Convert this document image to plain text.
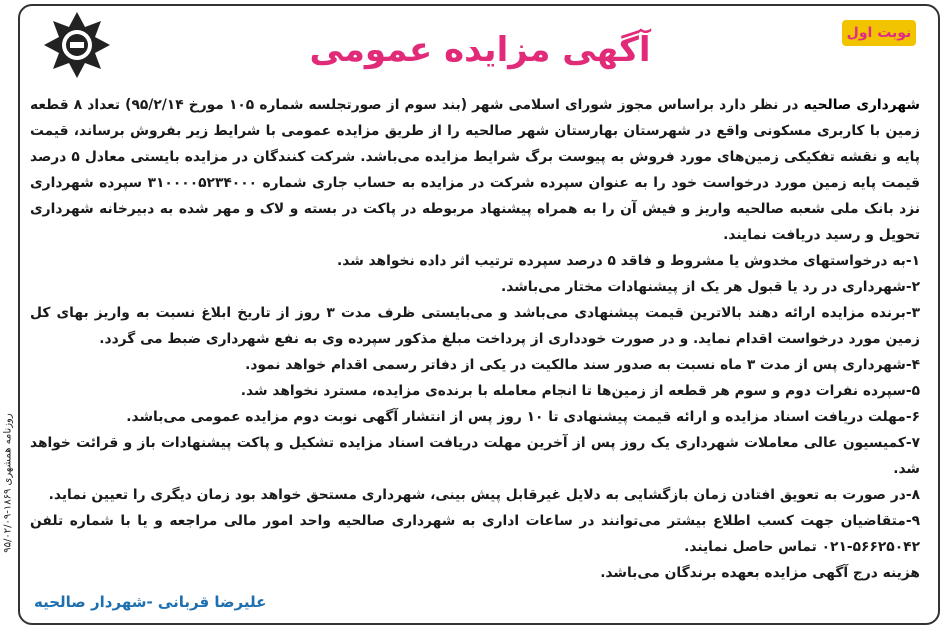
نوبت اول
آگهی مزایده عمومی

شهرداری صالحیه در نظر دارد براساس مجوز شورای اسلامی شهر (بند سوم از صورتجلسه شماره ۱۰۵ مورخ ۹۵/۲/۱۴) تعداد ۸ قطعه زمین با کاربری مسکونی واقع در شهرستان بهارستان شهر صالحیه را از طریق مزایده عمومی با شرایط زیر بفروش برساند، قیمت پایه و نقشه تفکیکی زمین‌های مورد فروش به پیوست برگ شرایط مزایده می‌باشد. شرکت کنندگان در مزایده بایستی معادل ۵ درصد قیمت پایه زمین مورد درخواست خود را به عنوان سپرده شرکت در مزایده به حساب جاری شماره ۳۱۰۰۰۰۵۲۳۴۰۰۰ سپرده شهرداری نزد بانک ملی شعبه صالحیه واریز و فیش آن را به همراه پیشنهاد مربوطه در پاکت در بسته و لاک و مهر شده به دبیرخانه شهرداری تحویل و رسید دریافت نمایند.

۱-به درخواستهای مخدوش یا مشروط و فاقد ۵ درصد سپرده ترتیب اثر داده نخواهد شد.

۲-شهرداری در رد یا قبول هر یک از پیشنهادات مختار می‌باشد.

۳-برنده مزایده ارائه دهند بالاترین قیمت پیشنهادی می‌باشد و می‌بایستی ظرف مدت ۳ روز از تاریخ ابلاغ نسبت به واریز بهای کل زمین مورد درخواست اقدام نماید. و در صورت خودداری از پرداخت مبلغ مذکور سپرده وی به نفع شهرداری ضبط می گردد.

۴-شهرداری پس از مدت ۳ ماه نسبت به صدور سند مالکیت در یکی از دفاتر رسمی اقدام خواهد نمود.

۵-سپرده نفرات دوم و سوم هر قطعه از زمین‌ها تا انجام معامله با برنده‌ی مزایده، مسترد نخواهد شد.

۶-مهلت دریافت اسناد مزایده و ارائه قیمت پیشنهادی تا ۱۰ روز پس از انتشار آگهی نوبت دوم مزایده عمومی می‌باشد.

۷-کمیسیون عالی معاملات شهرداری یک روز پس از آخرین مهلت دریافت اسناد مزایده تشکیل و پاکت پیشنهادات باز و قرائت خواهد شد.

۸-در صورت به تعویق افتادن زمان بازگشایی به دلایل غیرقابل پیش بینی، شهرداری مستحق خواهد بود زمان دیگری را تعیین نماید.

۹-متقاضیان جهت کسب اطلاع بیشتر می‌توانند در ساعات اداری به شهرداری صالحیه واحد امور مالی مراجعه و یا با شماره تلفن ۵۶۶۲۵۰۴۲-۰۲۱ تماس حاصل نمایند.

هزینه درج آگهی مزایده بعهده برندگان می‌باشد.

علیرضا قربانی -شهردار صالحیه
روزنامه همشهری ۱۸۶۹-۹۵/۰۲/۰۹
